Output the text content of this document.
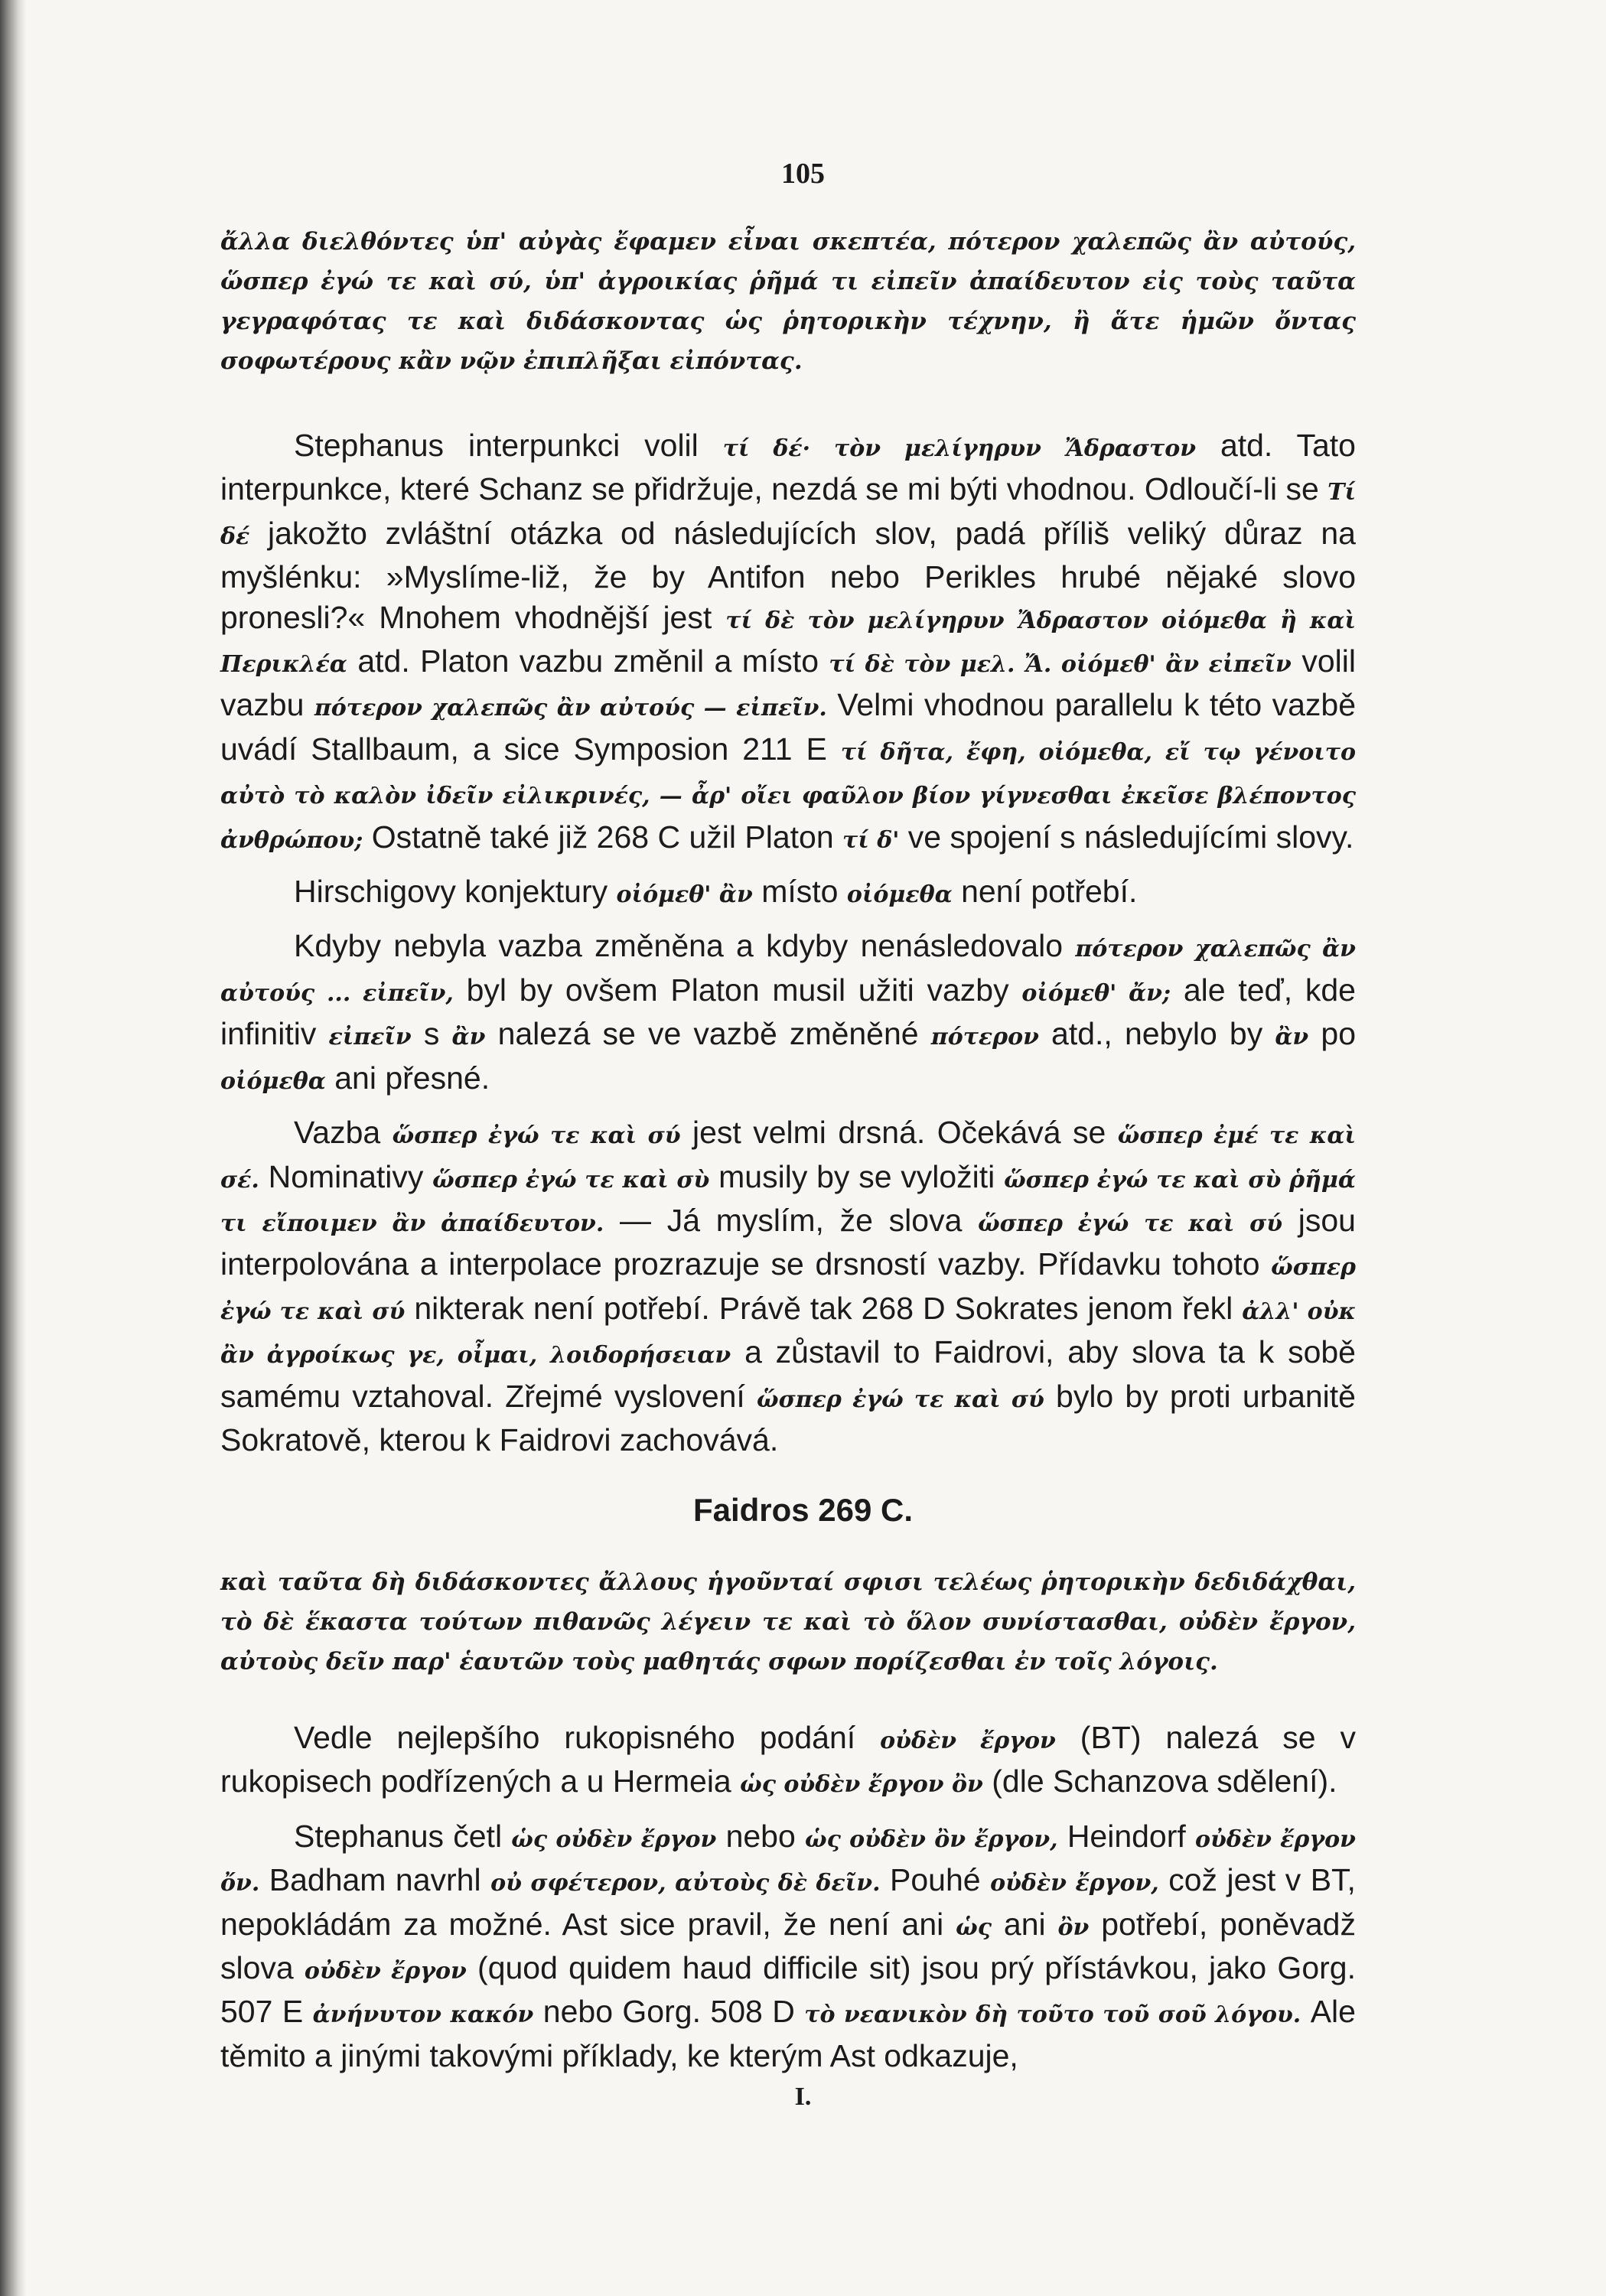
105
ἄλλα διελθόντες ὑπ' αὐγὰς ἔφαμεν εἶναι σκεπτέα, πότερον χαλεπῶς ἂν αὐτούς, ὥσπερ ἐγώ τε καὶ σύ, ὑπ' ἀγροικίας ῥῆμά τι εἰπεῖν ἀπαίδευτον εἰς τοὺς ταῦτα γεγραφότας τε καὶ διδάσκοντας ὡς ῥητορικὴν τέχνην, ἢ ἅτε ἡμῶν ὄντας σοφωτέρους κἂν νῷν ἐπιπλῆξαι εἰπόντας.

Stephanus interpunkci volil τί δέ· τὸν μελίγηρυν Ἄδραστον atd. Tato interpunkce, které Schanz se přidržuje, nezdá se mi býti vhodnou. Odloučí-li se Τί δέ jakožto zvláštní otázka od následujících slov, padá příliš veliký důraz na myšlénku: »Myslíme-liž, že by Antifon nebo Perikles hrubé nějaké slovo pronesli?« Mnohem vhodnější jest τί δὲ τὸν μελίγηρυν Ἄδραστον οἰόμεθα ἢ καὶ Περικλέα atd. Platon vazbu změnil a místo τί δὲ τὸν μελ. Ἄ. οἰόμεθ' ἂν εἰπεῖν volil vazbu πότερον χαλεπῶς ἂν αὐτούς — εἰπεῖν. Velmi vhodnou parallelu k této vazbě uvádí Stallbaum, a sice Symposion 211 E τί δῆτα, ἔφη, οἰόμεθα, εἴ τῳ γένοιτο αὐτὸ τὸ καλὸν ἰδεῖν εἰλικρινές, — ἆρ' οἴει φαῦλον βίον γίγνεσθαι ἐκεῖσε βλέποντος ἀνθρώπου; Ostatně také již 268 C užil Platon τί δ' ve spojení s následujícími slovy.

Hirschigovy konjektury οἰόμεθ' ἂν místo οἰόμεθα není potřebí.

Kdyby nebyla vazba změněna a kdyby nenásledovalo πότερον χαλεπῶς ἂν αὐτούς ... εἰπεῖν, byl by ovšem Platon musil užiti vazby οἰόμεθ' ἄν; ale teď, kde infinitiv εἰπεῖν s ἂν nalezá se ve vazbě změněné πότερον atd., nebylo by ἂν po οἰόμεθα ani přesné.

Vazba ὥσπερ ἐγώ τε καὶ σύ jest velmi drsná. Očekává se ὥσπερ ἐμέ τε καὶ σέ. Nominativy ὥσπερ ἐγώ τε καὶ σὺ musily by se vyložiti ὥσπερ ἐγώ τε καὶ σὺ ῥῆμά τι εἴποιμεν ἂν ἀπαίδευτον. — Já myslím, že slova ὥσπερ ἐγώ τε καὶ σύ jsou interpolována a interpolace prozrazuje se drsností vazby. Přídavku tohoto ὥσπερ ἐγώ τε καὶ σύ nikterak není potřebí. Právě tak 268 D Sokrates jenom řekl ἀλλ' οὐκ ἂν ἀγροίκως γε, οἶμαι, λοιδορήσειαν a zůstavil to Faidrovi, aby slova ta k sobě samému vztahoval. Zřejmé vyslovení ὥσπερ ἐγώ τε καὶ σύ bylo by proti urbanitě Sokratově, kterou k Faidrovi zachovává.

Faidros 269 C.
καὶ ταῦτα δὴ διδάσκοντες ἄλλους ἡγοῦνταί σφισι τελέως ῥητορικὴν δεδιδάχθαι, τὸ δὲ ἕκαστα τούτων πιθανῶς λέγειν τε καὶ τὸ ὅλον συνίστασθαι, οὐδὲν ἔργον, αὐτοὺς δεῖν παρ' ἑαυτῶν τοὺς μαθητάς σφων πορίζεσθαι ἐν τοῖς λόγοις.

Vedle nejlepšího rukopisného podání οὐδὲν ἔργον (BT) nalezá se v rukopisech podřízených a u Hermeia ὡς οὐδὲν ἔργον ὂν (dle Schanzova sdělení).

Stephanus četl ὡς οὐδὲν ἔργον nebo ὡς οὐδὲν ὂν ἔργον, Heindorf οὐδὲν ἔργον ὄν. Badham navrhl οὐ σφέτερον, αὐτοὺς δὲ δεῖν. Pouhé οὐδὲν ἔργον, což jest v BT, nepokládám za možné. Ast sice pravil, že není ani ὡς ani ὂν potřebí, poněvadž slova οὐδὲν ἔργον (quod quidem haud difficile sit) jsou prý přístávkou, jako Gorg. 507 E ἀνήνυτον κακόν nebo Gorg. 508 D τὸ νεανικὸν δὴ τοῦτο τοῦ σοῦ λόγου. Ale těmito a jinými takovými příklady, ke kterým Ast odkazuje,

I.
